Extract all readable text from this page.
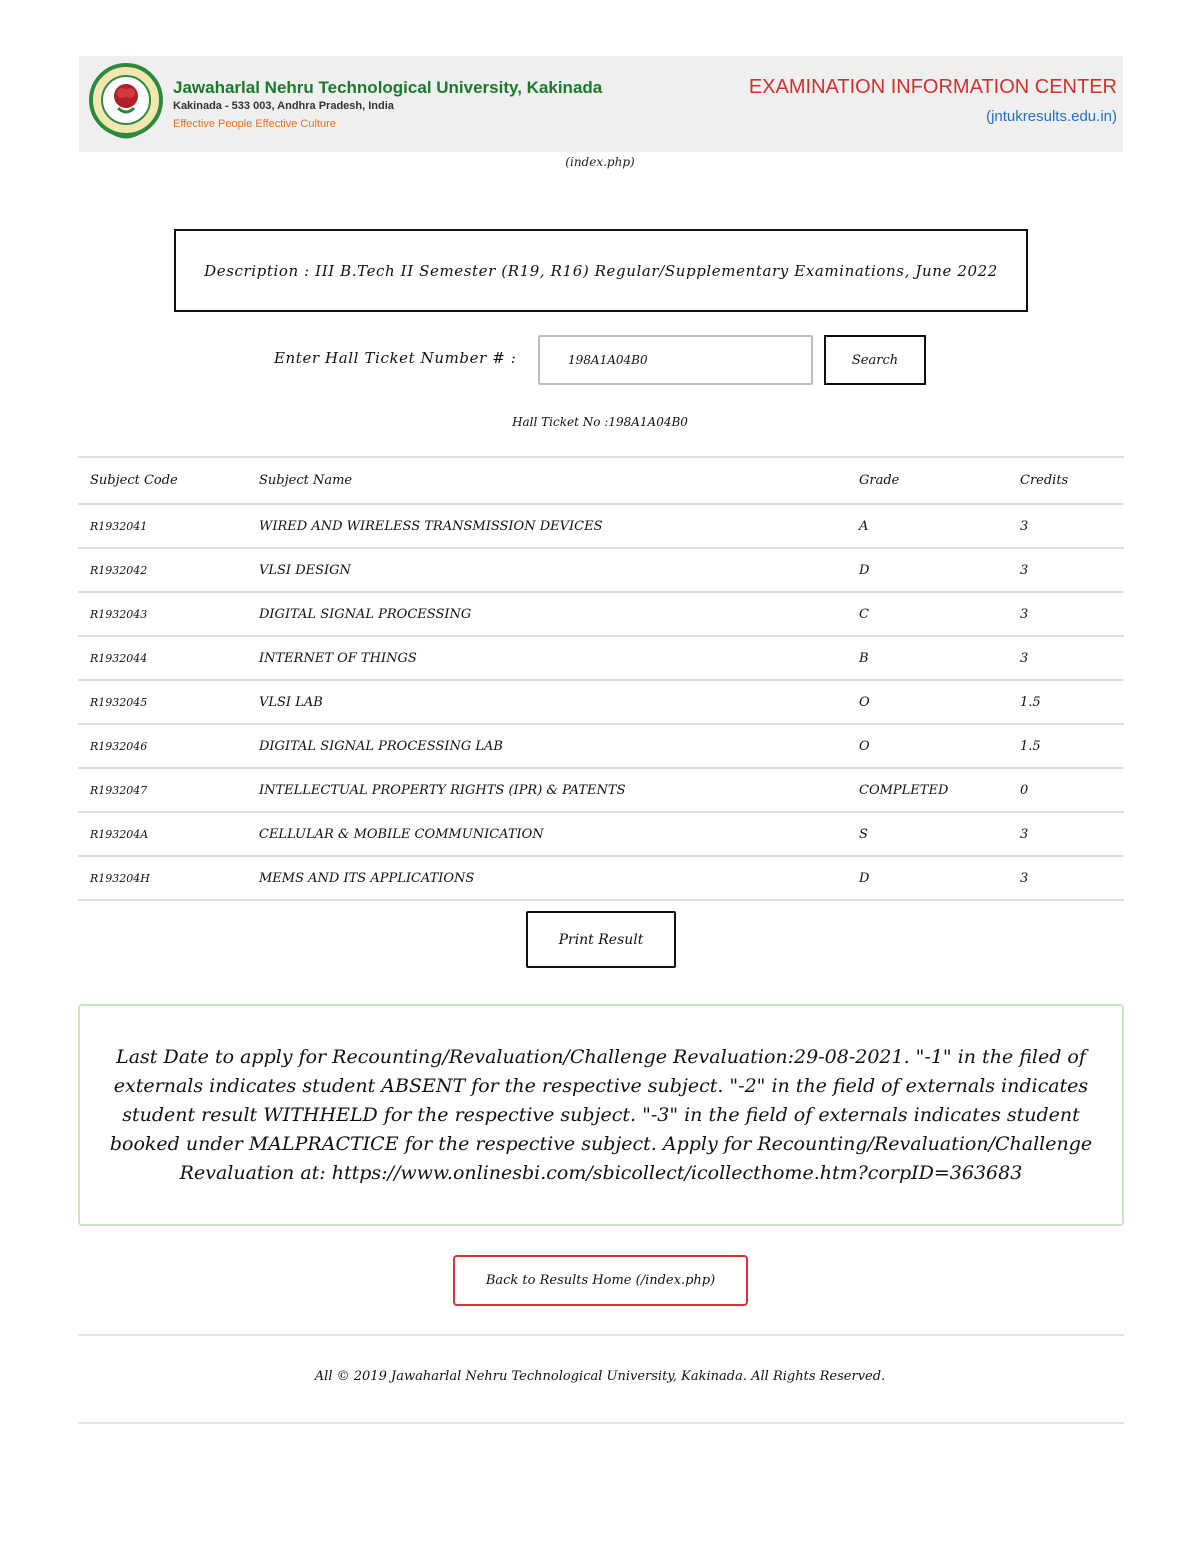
Jawaharlal Nehru Technological University, Kakinada
Kakinada - 533 003, Andhra Pradesh, India
Effective People Effective Culture
EXAMINATION INFORMATION CENTER
(jntukresults.edu.in)
(index.php)
Description : III B.Tech II Semester (R19, R16) Regular/Supplementary Examinations, June 2022
Enter Hall Ticket Number # :
198A1A04B0	Search
Hall Ticket No :198A1A04B0
Subject Code	Subject Name	Grade	Credits
R1932041	WIRED AND WIRELESS TRANSMISSION DEVICES	A	3
R1932042	VLSI DESIGN	D	3
R1932043	DIGITAL SIGNAL PROCESSING	C	3
R1932044	INTERNET OF THINGS	B	3
R1932045	VLSI LAB	O	1.5
R1932046	DIGITAL SIGNAL PROCESSING LAB	O	1.5
R1932047	INTELLECTUAL PROPERTY RIGHTS (IPR) & PATENTS	COMPLETED	0
R193204A	CELLULAR & MOBILE COMMUNICATION	S	3
R193204H	MEMS AND ITS APPLICATIONS	D	3
Print Result

Last Date to apply for Recounting/Revaluation/Challenge Revaluation:29-08-2021. "-1" in the filed of externals indicates student ABSENT for the respective subject. "-2" in the field of externals indicates student result WITHHELD for the respective subject. "-3" in the field of externals indicates student booked under MALPRACTICE for the respective subject. Apply for Recounting/Revaluation/Challenge Revaluation at: https://www.onlinesbi.com/sbicollect/icollecthome.htm?corpID=363683

Back to Results Home (/index.php)
All © 2019 Jawaharlal Nehru Technological University, Kakinada. All Rights Reserved.
